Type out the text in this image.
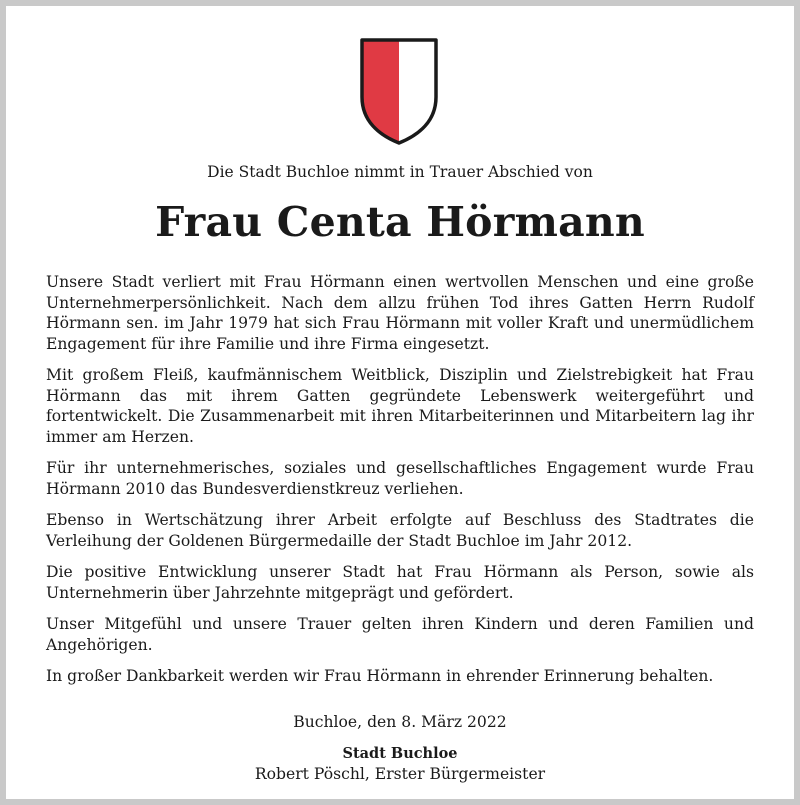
Die Stadt Buchloe nimmt in Trauer Abschied von
Frau Centa Hörmann

Unsere Stadt verliert mit Frau Hörmann einen wertvollen Menschen und eine große Unternehmerpersönlichkeit. Nach dem allzu frühen Tod ihres Gatten Herrn Rudolf Hörmann sen. im Jahr 1979 hat sich Frau Hörmann mit voller Kraft und unermüdlichem Engagement für ihre Familie und ihre Firma eingesetzt.

Mit großem Fleiß, kaufmännischem Weitblick, Disziplin und Zielstrebigkeit hat Frau Hörmann das mit ihrem Gatten gegründete Lebenswerk weitergeführt und fortentwickelt. Die Zusammenarbeit mit ihren Mitarbeiterinnen und Mitarbeitern lag ihr immer am Herzen.

Für ihr unternehmerisches, soziales und gesellschaftliches Engagement wurde Frau Hörmann 2010 das Bundesverdienstkreuz verliehen.

Ebenso in Wertschätzung ihrer Arbeit erfolgte auf Beschluss des Stadtrates die Verleihung der Goldenen Bürgermedaille der Stadt Buchloe im Jahr 2012.

Die positive Entwicklung unserer Stadt hat Frau Hörmann als Person, sowie als Unternehmerin über Jahrzehnte mitgeprägt und gefördert.

Unser Mitgefühl und unsere Trauer gelten ihren Kindern und deren Familien und Angehörigen.

In großer Dankbarkeit werden wir Frau Hörmann in ehrender Erinnerung behalten.

Buchloe, den 8. März 2022
Stadt Buchloe
Robert Pöschl, Erster Bürgermeister
